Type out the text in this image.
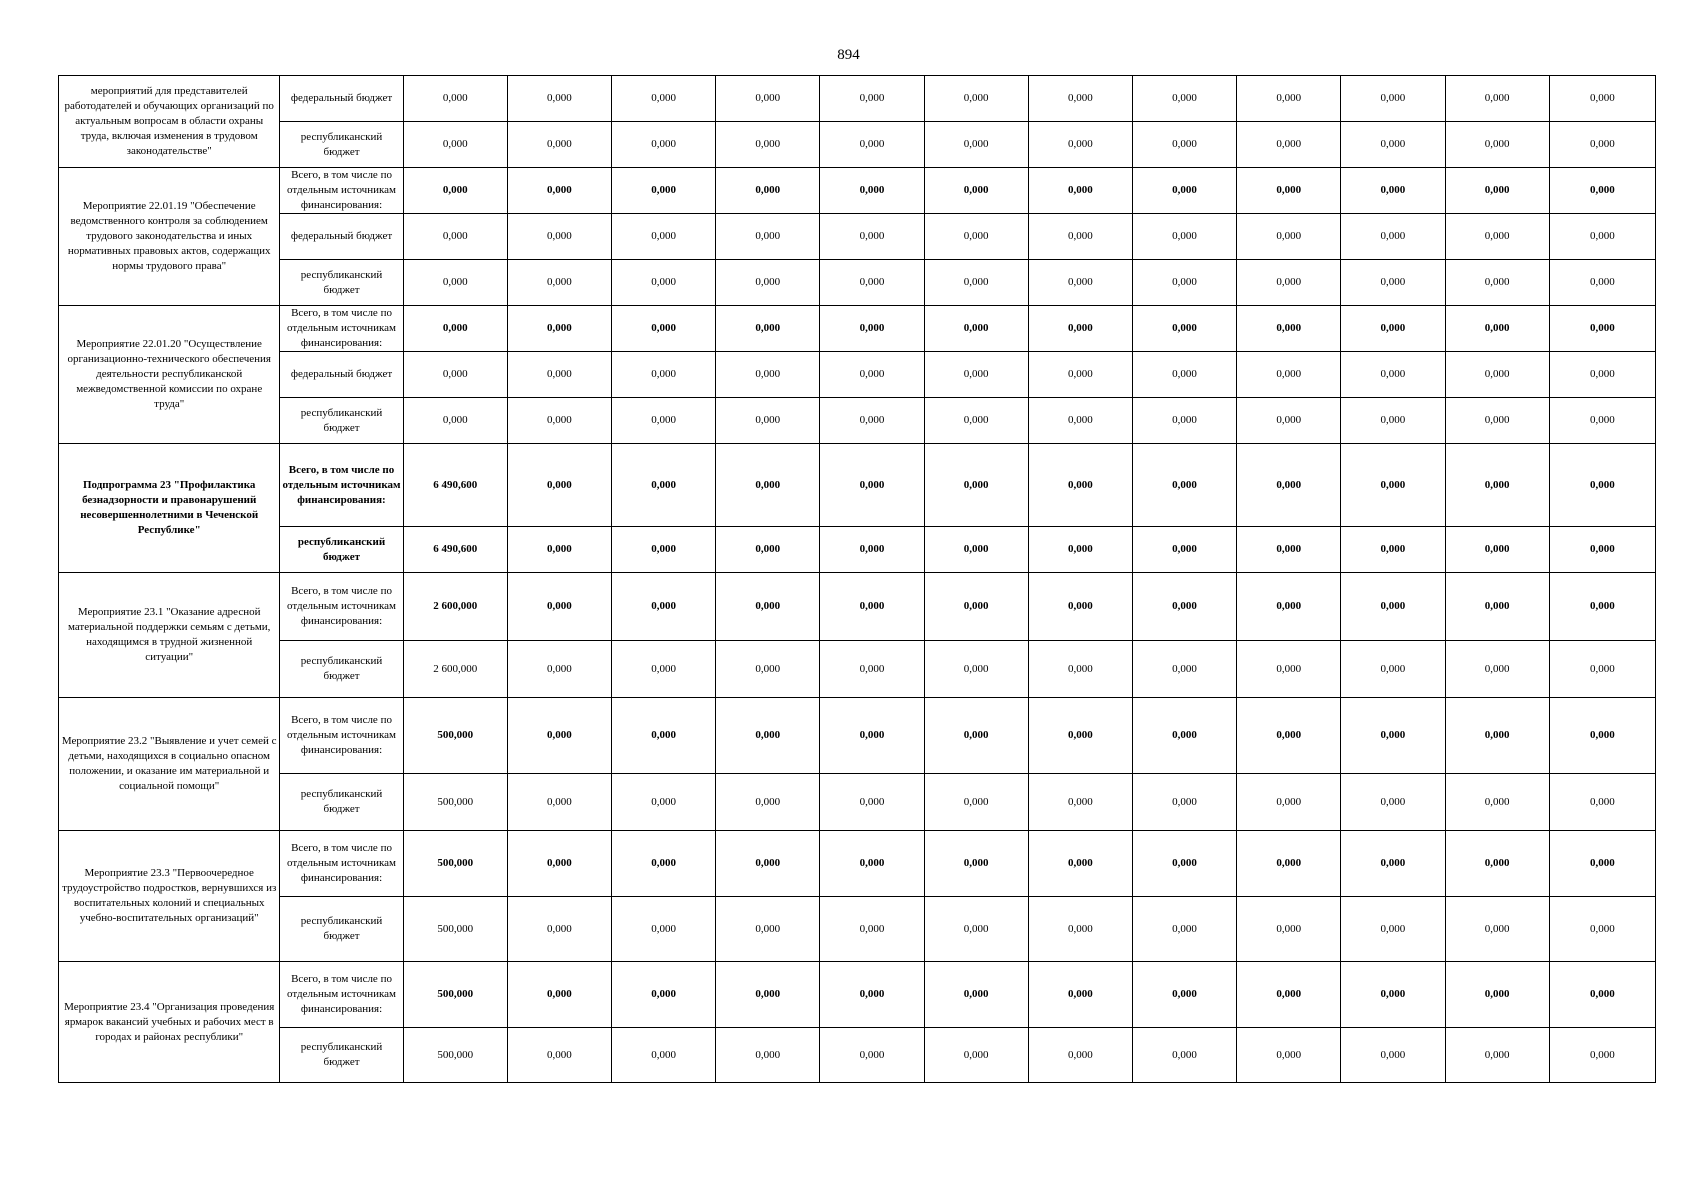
894
мероприятий для представителей работодателей и обучающих организаций по актуальным вопросам в области охраны труда, включая изменения в трудовом законодательстве"	федеральный бюджет	0,000	0,000	0,000	0,000	0,000	0,000	0,000	0,000	0,000	0,000	0,000	0,000
	республиканский бюджет	0,000	0,000	0,000	0,000	0,000	0,000	0,000	0,000	0,000	0,000	0,000	0,000
Мероприятие 22.01.19 "Обеспечение ведомственного контроля за соблюдением трудового законодательства и иных нормативных правовых актов, содержащих нормы трудового права"	Всего, в том числе по отдельным источникам финансирования:	0,000	0,000	0,000	0,000	0,000	0,000	0,000	0,000	0,000	0,000	0,000	0,000
	федеральный бюджет	0,000	0,000	0,000	0,000	0,000	0,000	0,000	0,000	0,000	0,000	0,000	0,000
	республиканский бюджет	0,000	0,000	0,000	0,000	0,000	0,000	0,000	0,000	0,000	0,000	0,000	0,000
Мероприятие 22.01.20 "Осуществление организационно-технического обеспечения деятельности республиканской межведомственной комиссии по охране труда"	Всего, в том числе по отдельным источникам финансирования:	0,000	0,000	0,000	0,000	0,000	0,000	0,000	0,000	0,000	0,000	0,000	0,000
	федеральный бюджет	0,000	0,000	0,000	0,000	0,000	0,000	0,000	0,000	0,000	0,000	0,000	0,000
	республиканский бюджет	0,000	0,000	0,000	0,000	0,000	0,000	0,000	0,000	0,000	0,000	0,000	0,000
Подпрограмма 23 "Профилактика безнадзорности и правонарушений несовершеннолетними в Чеченской Республике"	Всего, в том числе по отдельным источникам финансирования:	6 490,600	0,000	0,000	0,000	0,000	0,000	0,000	0,000	0,000	0,000	0,000	0,000
	республиканский бюджет	6 490,600	0,000	0,000	0,000	0,000	0,000	0,000	0,000	0,000	0,000	0,000	0,000
Мероприятие 23.1 "Оказание адресной материальной поддержки семьям с детьми, находящимся в трудной жизненной ситуации"	Всего, в том числе по отдельным источникам финансирования:	2 600,000	0,000	0,000	0,000	0,000	0,000	0,000	0,000	0,000	0,000	0,000	0,000
	республиканский бюджет	2 600,000	0,000	0,000	0,000	0,000	0,000	0,000	0,000	0,000	0,000	0,000	0,000
Мероприятие 23.2 "Выявление и учет семей с детьми, находящихся в социально опасном положении, и оказание им материальной и социальной помощи"	Всего, в том числе по отдельным источникам финансирования:	500,000	0,000	0,000	0,000	0,000	0,000	0,000	0,000	0,000	0,000	0,000	0,000
	республиканский бюджет	500,000	0,000	0,000	0,000	0,000	0,000	0,000	0,000	0,000	0,000	0,000	0,000
Мероприятие 23.3 "Первоочередное трудоустройство подростков, вернувшихся из воспитательных колоний и специальных учебно-воспитательных организаций"	Всего, в том числе по отдельным источникам финансирования:	500,000	0,000	0,000	0,000	0,000	0,000	0,000	0,000	0,000	0,000	0,000	0,000
	республиканский бюджет	500,000	0,000	0,000	0,000	0,000	0,000	0,000	0,000	0,000	0,000	0,000	0,000
Мероприятие 23.4 "Организация проведения ярмарок вакансий учебных и рабочих мест в городах и районах республики"	Всего, в том числе по отдельным источникам финансирования:	500,000	0,000	0,000	0,000	0,000	0,000	0,000	0,000	0,000	0,000	0,000	0,000
	республиканский бюджет	500,000	0,000	0,000	0,000	0,000	0,000	0,000	0,000	0,000	0,000	0,000	0,000
